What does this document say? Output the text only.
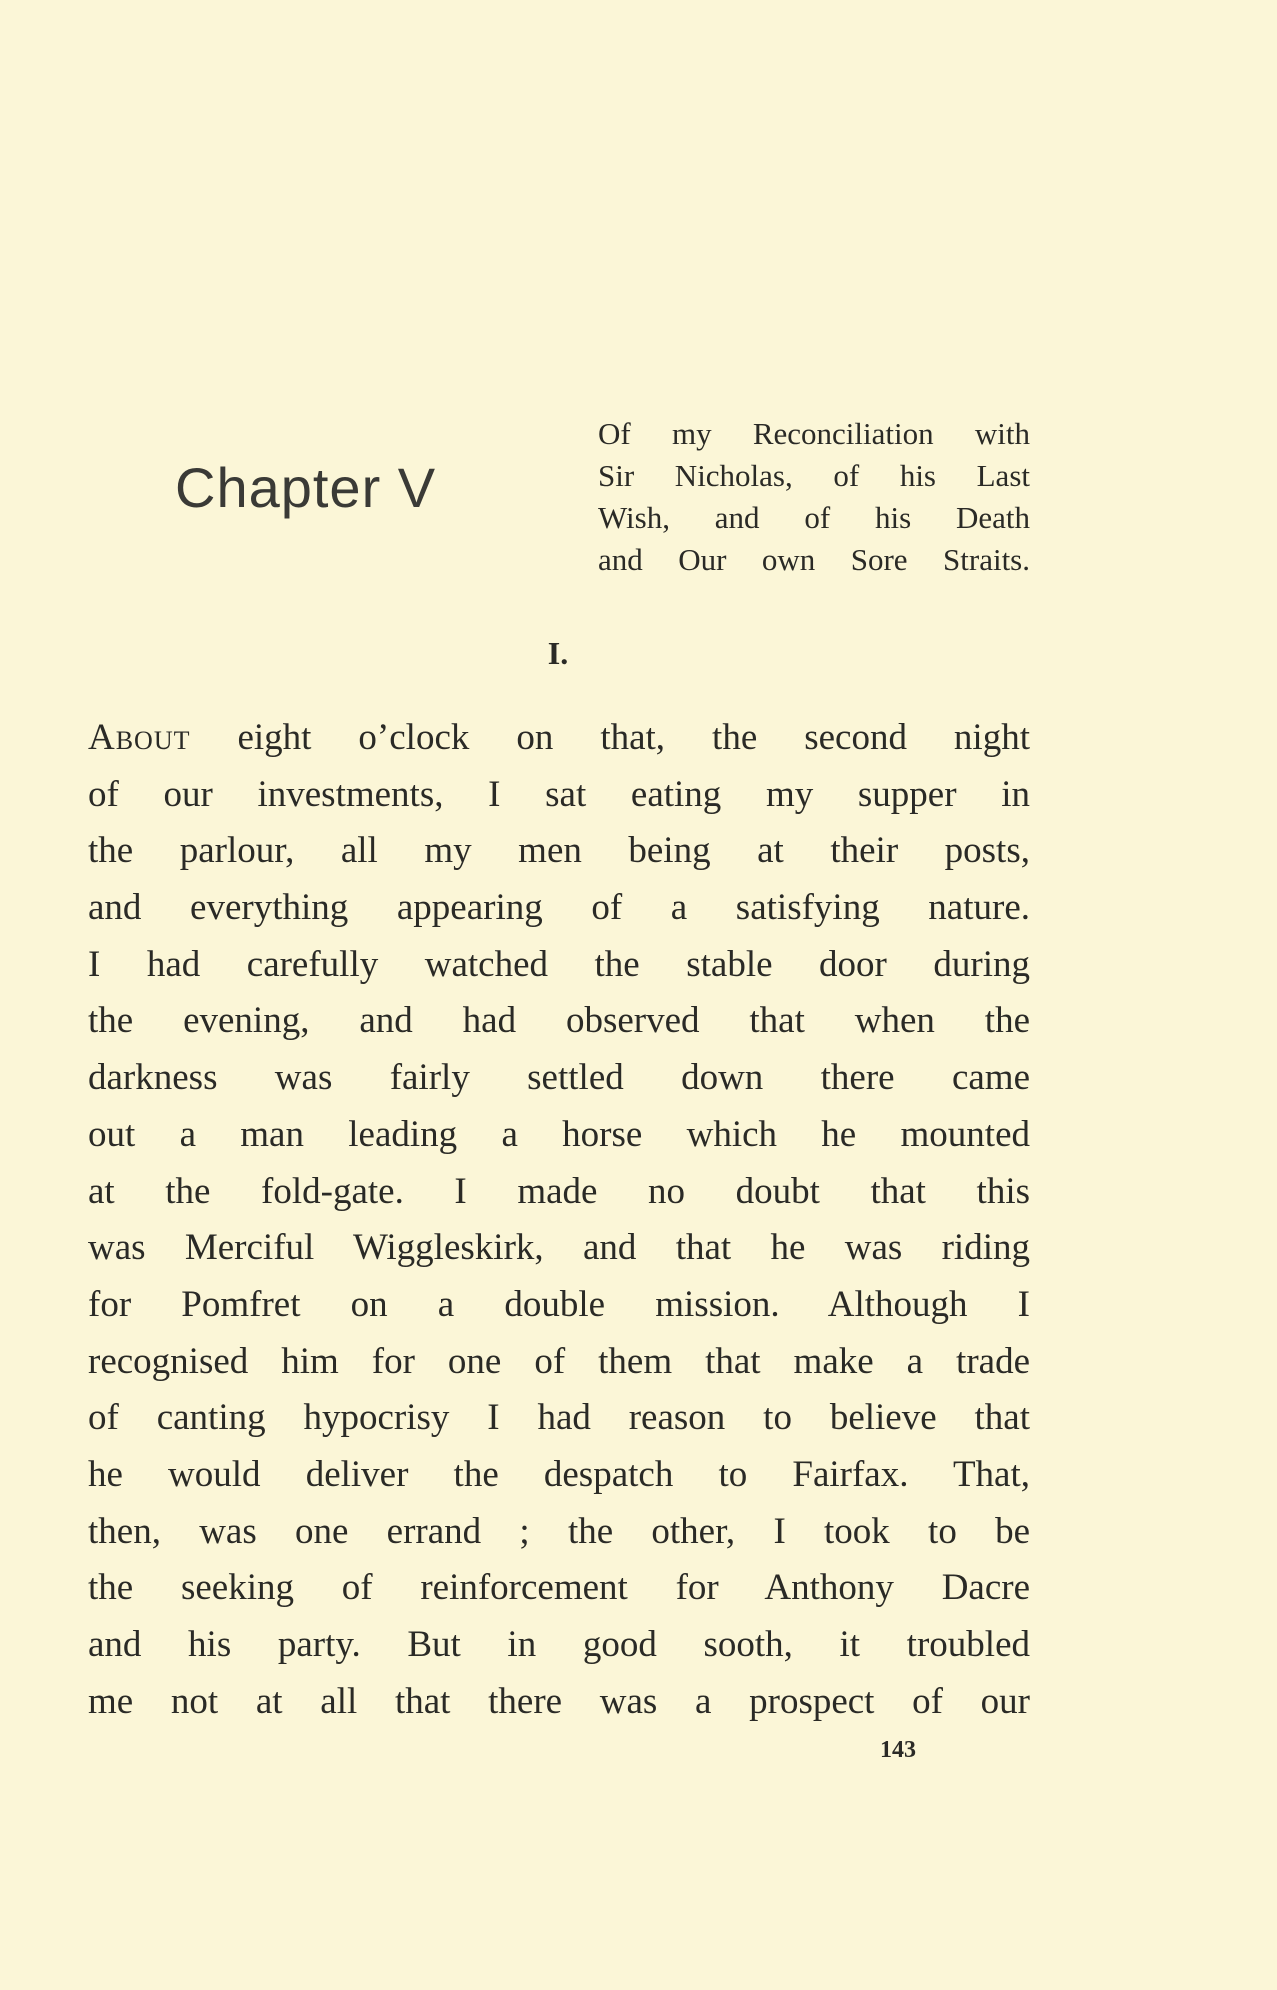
Chapter V
Of my Reconciliation with
Sir Nicholas, of his Last
Wish, and of his Death
and Our own Sore Straits.

I.

About eight o’clock on that, the second night
of our investments, I sat eating my supper in
the parlour, all my men being at their posts,
and everything appearing of a satisfying nature.
I had carefully watched the stable door during
the evening, and had observed that when the
darkness was fairly settled down there came
out a man leading a horse which he mounted
at the fold-gate. I made no doubt that this
was Merciful Wiggleskirk, and that he was riding
for Pomfret on a double mission. Although I
recognised him for one of them that make a trade
of canting hypocrisy I had reason to believe that
he would deliver the despatch to Fairfax. That,
then, was one errand ; the other, I took to be
the seeking of reinforcement for Anthony Dacre
and his party. But in good sooth, it troubled
me not at all that there was a prospect of our

143
